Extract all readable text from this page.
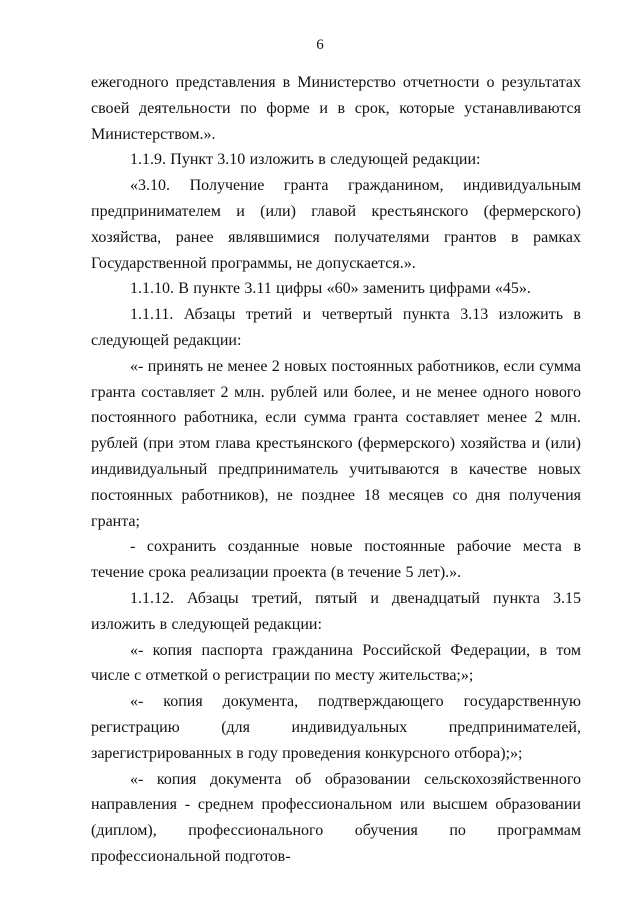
6

ежегодного представления в Министерство отчетности о результатах своей деятельности по форме и в срок, которые устанавливаются Министерством.».

1.1.9. Пункт 3.10 изложить в следующей редакции:

«3.10. Получение гранта гражданином, индивидуальным предпринимателем и (или) главой крестьянского (фермерского) хозяйства, ранее являвшимися получателями грантов в рамках Государственной программы, не допускается.».

1.1.10. В пункте 3.11 цифры «60» заменить цифрами «45».

1.1.11. Абзацы третий и четвертый пункта 3.13 изложить в следующей редакции:

«- принять не менее 2 новых постоянных работников, если сумма гранта составляет 2 млн. рублей или более, и не менее одного нового постоянного работника, если сумма гранта составляет менее 2 млн. рублей (при этом глава крестьянского (фермерского) хозяйства и (или) индивидуальный предприниматель учитываются в качестве новых постоянных работников), не позднее 18 месяцев со дня получения гранта;

- сохранить созданные новые постоянные рабочие места в течение срока реализации проекта (в течение 5 лет).».

1.1.12. Абзацы третий, пятый и двенадцатый пункта 3.15 изложить в следующей редакции:

«- копия паспорта гражданина Российской Федерации, в том числе с отметкой о регистрации по месту жительства;»;

«- копия документа, подтверждающего государственную регистрацию (для индивидуальных предпринимателей, зарегистрированных в году проведения конкурсного отбора);»;

«- копия документа об образовании сельскохозяйственного направления - среднем профессиональном или высшем образовании (диплом), профессионального обучения по программам профессиональной подготов-
